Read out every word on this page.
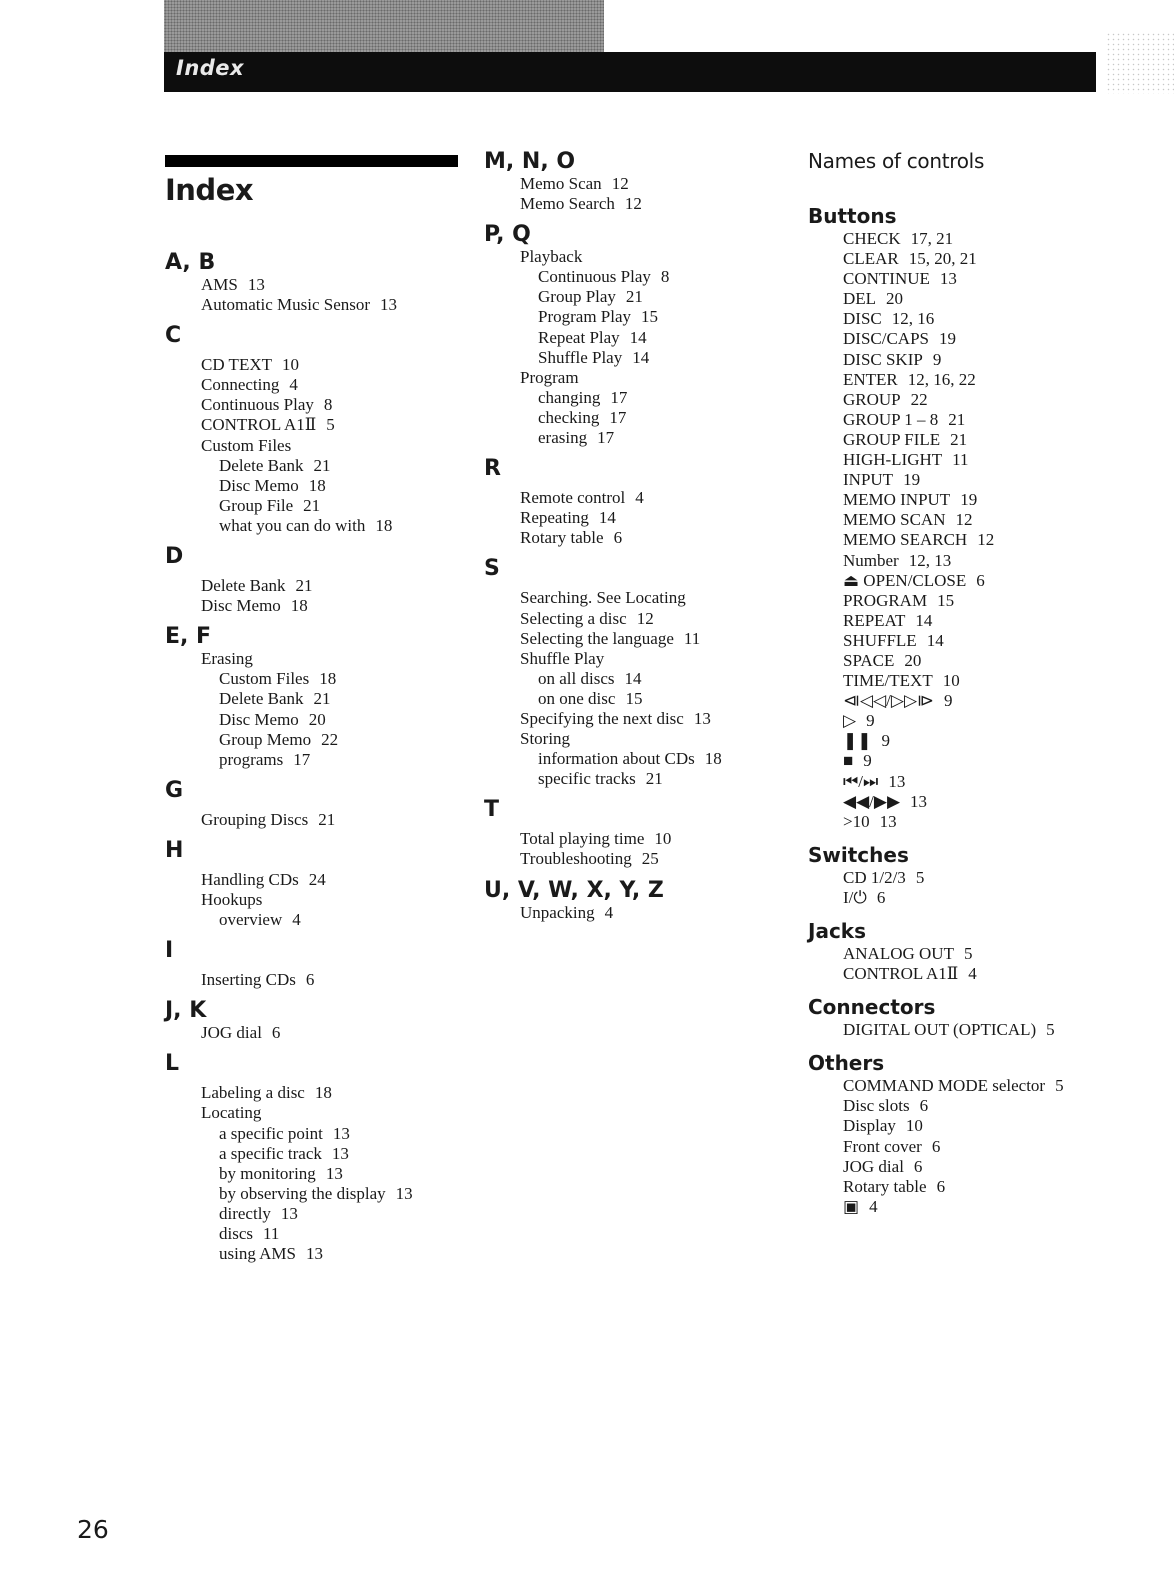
Index
Index
A, B
AMS 13
Automatic Music Sensor 13
C
CD TEXT 10
Connecting 4
Continuous Play 8
CONTROL A1Ⅱ 5
Custom Files
Delete Bank 21
Disc Memo 18
Group File 21
what you can do with 18
D
Delete Bank 21
Disc Memo 18
E, F
Erasing
Custom Files 18
Delete Bank 21
Disc Memo 20
Group Memo 22
programs 17
G
Grouping Discs 21
H
Handling CDs 24
Hookups
overview 4
I
Inserting CDs 6
J, K
JOG dial 6
L
Labeling a disc 18
Locating
a specific point 13
a specific track 13
by monitoring 13
by observing the display 13
directly 13
discs 11
using AMS 13
M, N, O
Memo Scan 12
Memo Search 12
P, Q
Playback
Continuous Play 8
Group Play 21
Program Play 15
Repeat Play 14
Shuffle Play 14
Program
changing 17
checking 17
erasing 17
R
Remote control 4
Repeating 14
Rotary table 6
S
Searching. See Locating
Selecting a disc 12
Selecting the language 11
Shuffle Play
on all discs 14
on one disc 15
Specifying the next disc 13
Storing
information about CDs 18
specific tracks 21
T
Total playing time 10
Troubleshooting 25
U, V, W, X, Y, Z
Unpacking 4
Names of controls
Buttons
CHECK 17, 21
CLEAR 15, 20, 21
CONTINUE 13
DEL 20
DISC 12, 16
DISC/CAPS 19
DISC SKIP 9
ENTER 12, 16, 22
GROUP 22
GROUP 1 – 8 21
GROUP FILE 21
HIGH-LIGHT 11
INPUT 19
MEMO INPUT 19
MEMO SCAN 12
MEMO SEARCH 12
Number 12, 13
⏏ OPEN/CLOSE 6
PROGRAM 15
REPEAT 14
SHUFFLE 14
SPACE 20
TIME/TEXT 10
⧏◁◁/▷▷⧐ 9
▷ 9
❚❚ 9
■ 9
⏮/⏭ 13
◀◀/▶▶ 13
>10 13
Switches
CD 1/2/3 5
I/⏻ 6
Jacks
ANALOG OUT 5
CONTROL A1Ⅱ 4
Connectors
DIGITAL OUT (OPTICAL) 5
Others
COMMAND MODE selector 5
Disc slots 6
Display 10
Front cover 6
JOG dial 6
Rotary table 6
▣ 4
26
